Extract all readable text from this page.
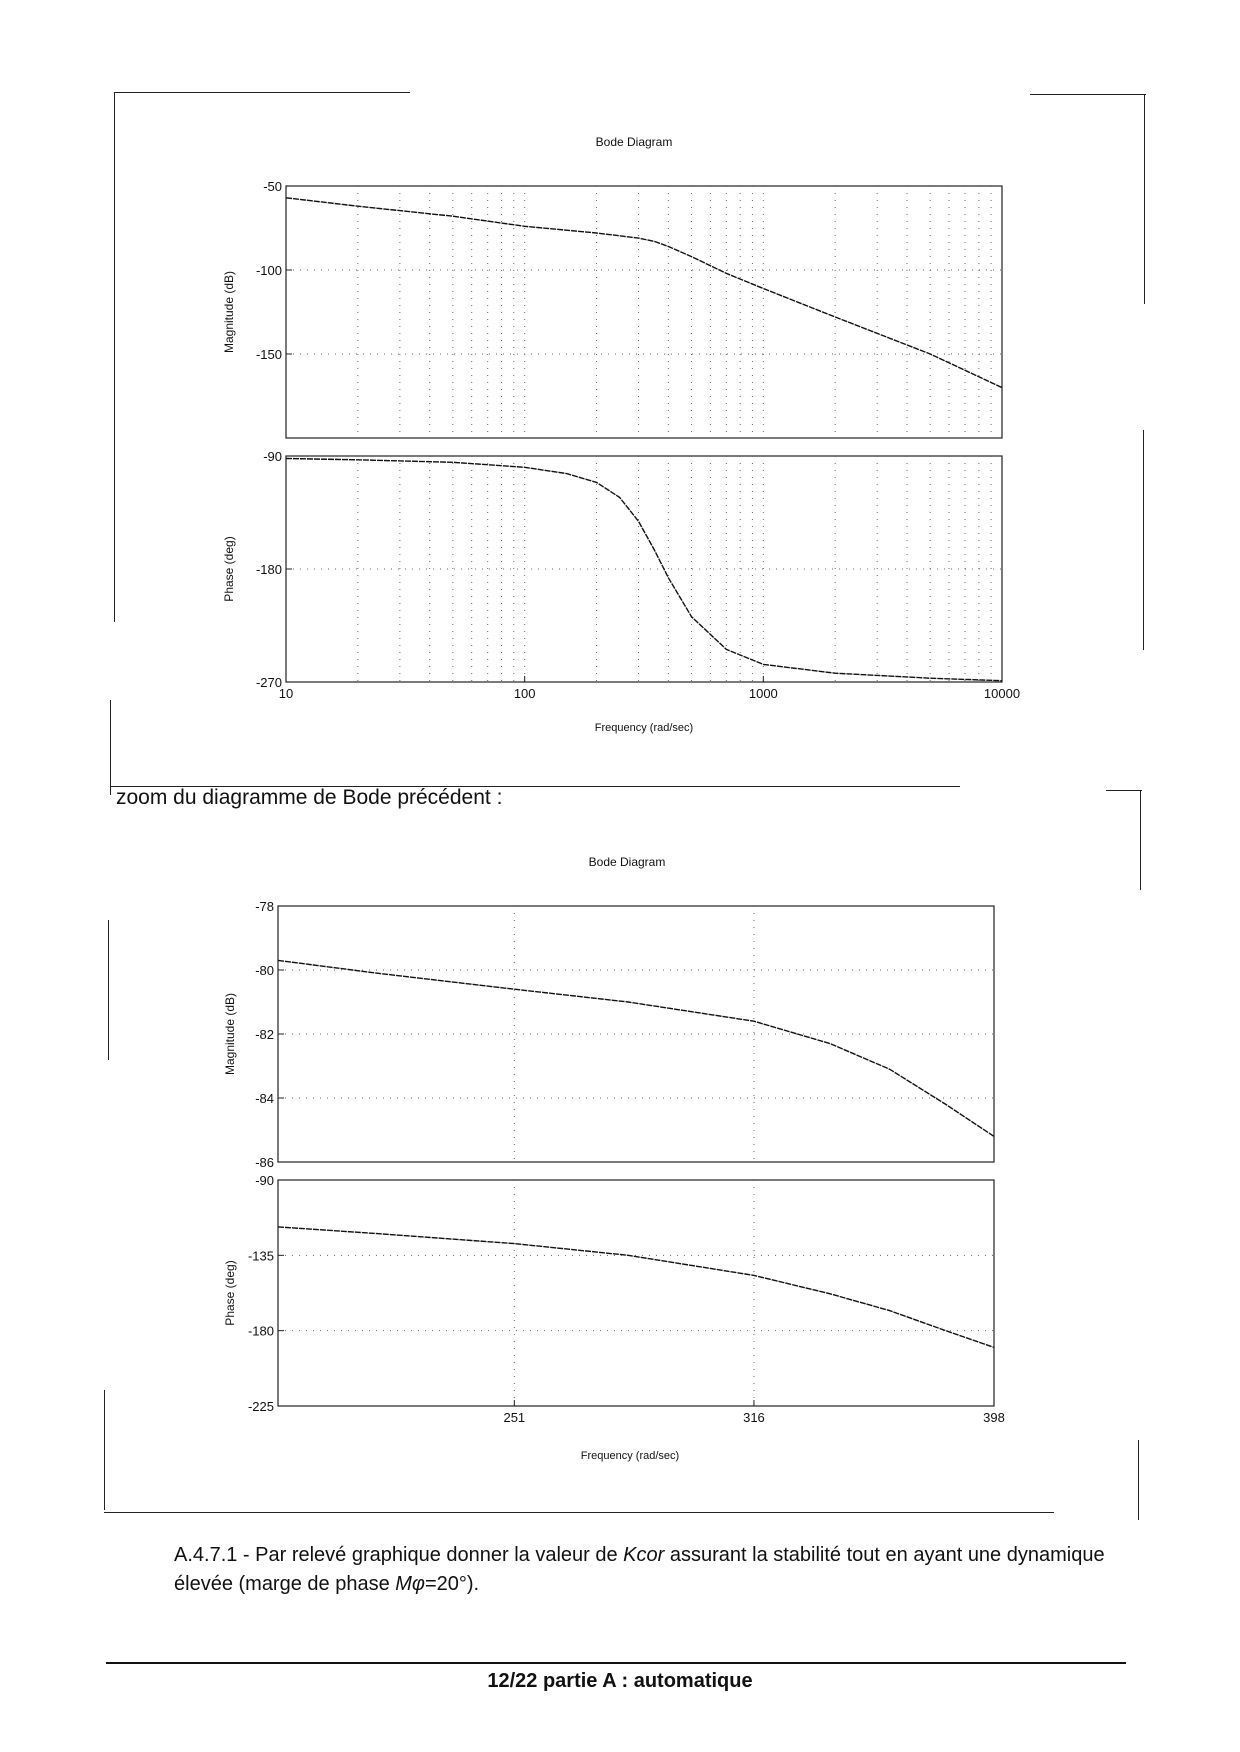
Bode Diagram
-50
-100
-150
-90
-180
-270
10	100	1000	10000
Magnitude (dB)
Phase (deg)
Frequency (rad/sec)
Bode Diagram
-78
-80
-82
-84
-86
-90
-135
-180
-225
251	316	398
Magnitude (dB)
Phase (deg)
Frequency (rad/sec)
zoom du diagramme de Bode précédent :
A.4.7.1 - Par relevé graphique donner la valeur de Kcor assurant la stabilité tout en ayant une dynamique élevée (marge de phase Mφ=20°).
12/22 partie A : automatique
